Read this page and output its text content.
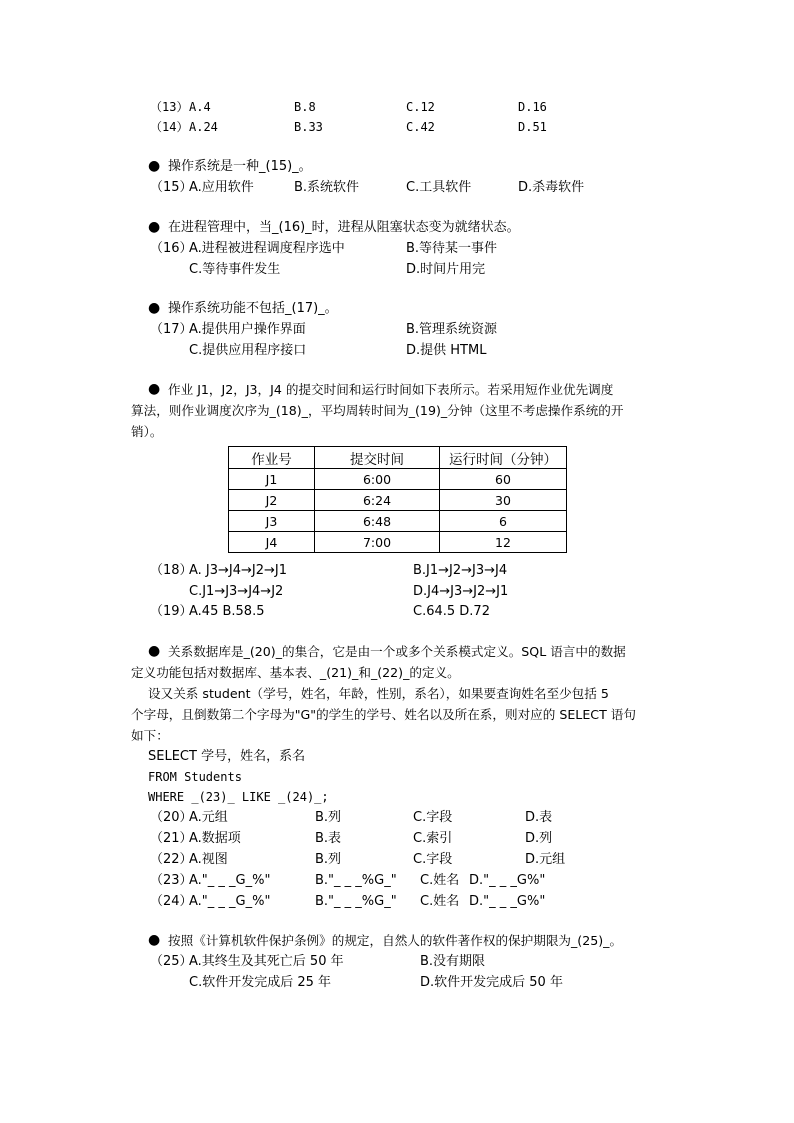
（13） A.4	B.8	C.12	D.16
（14） A.24	B.33	C.42	D.51
● 操作系统是一种_(15)_。
（15）
A.应用软件	B.系统软件	C.工具软件	D.杀毒软件
● 在进程管理中，当_(16)_时，进程从阻塞状态变为就绪状态。
（16）
A.进程被进程调度程序选中	B.等待某一事件
C.等待事件发生	D.时间片用完
● 操作系统功能不包括_(17)_。
（17）
A.提供用户操作界面	B.管理系统资源
C.提供应用程序接口	D.提供 HTML
● 作业 J1，J2，J3，J4 的提交时间和运行时间如下表所示。若采用短作业优先调度
算法，则作业调度次序为_(18)_，平均周转时间为_(19)_分钟（这里不考虑操作系统的开
销）。
作业号	提交时间	运行时间（分钟）
J1	6:00	60
J2	6:24	30
J3	6:48	6
J4	7:00	12
（18）
A. J3→J4→J2→J1	B.J1→J2→J3→J4
C.J1→J3→J4→J2	D.J4→J3→J2→J1
（19）
A.45 B.58.5	C.64.5 D.72
● 关系数据库是_(20)_的集合，它是由一个或多个关系模式定义。SQL 语言中的数据
定义功能包括对数据库、基本表、_(21)_和_(22)_的定义。
设又关系 student（学号，姓名，年龄，性别，系名），如果要查询姓名至少包括 5
个字母，且倒数第二个字母为"G"的学生的学号、姓名以及所在系，则对应的 SELECT 语句
如下：
SELECT 学号，姓名，系名
FROM Students
WHERE _(23)_ LIKE _(24)_;
（20）
A.元组	B.列	C.字段	D.表
（21）
A.数据项	B.表	C.索引	D.列
（22）
A.视图	B.列	C.字段	D.元组
（23）
A."_ _ _G_%"	B."_ _ _%G_" C.姓名 D."_ _ _G%"
（24）
A."_ _ _G_%"	B."_ _ _%G_" C.姓名 D."_ _ _G%"
● 按照《计算机软件保护条例》的规定，自然人的软件著作权的保护期限为_(25)_。
（25）
A.其终生及其死亡后 50 年	B.没有期限
C.软件开发完成后 25 年	D.软件开发完成后 50 年
